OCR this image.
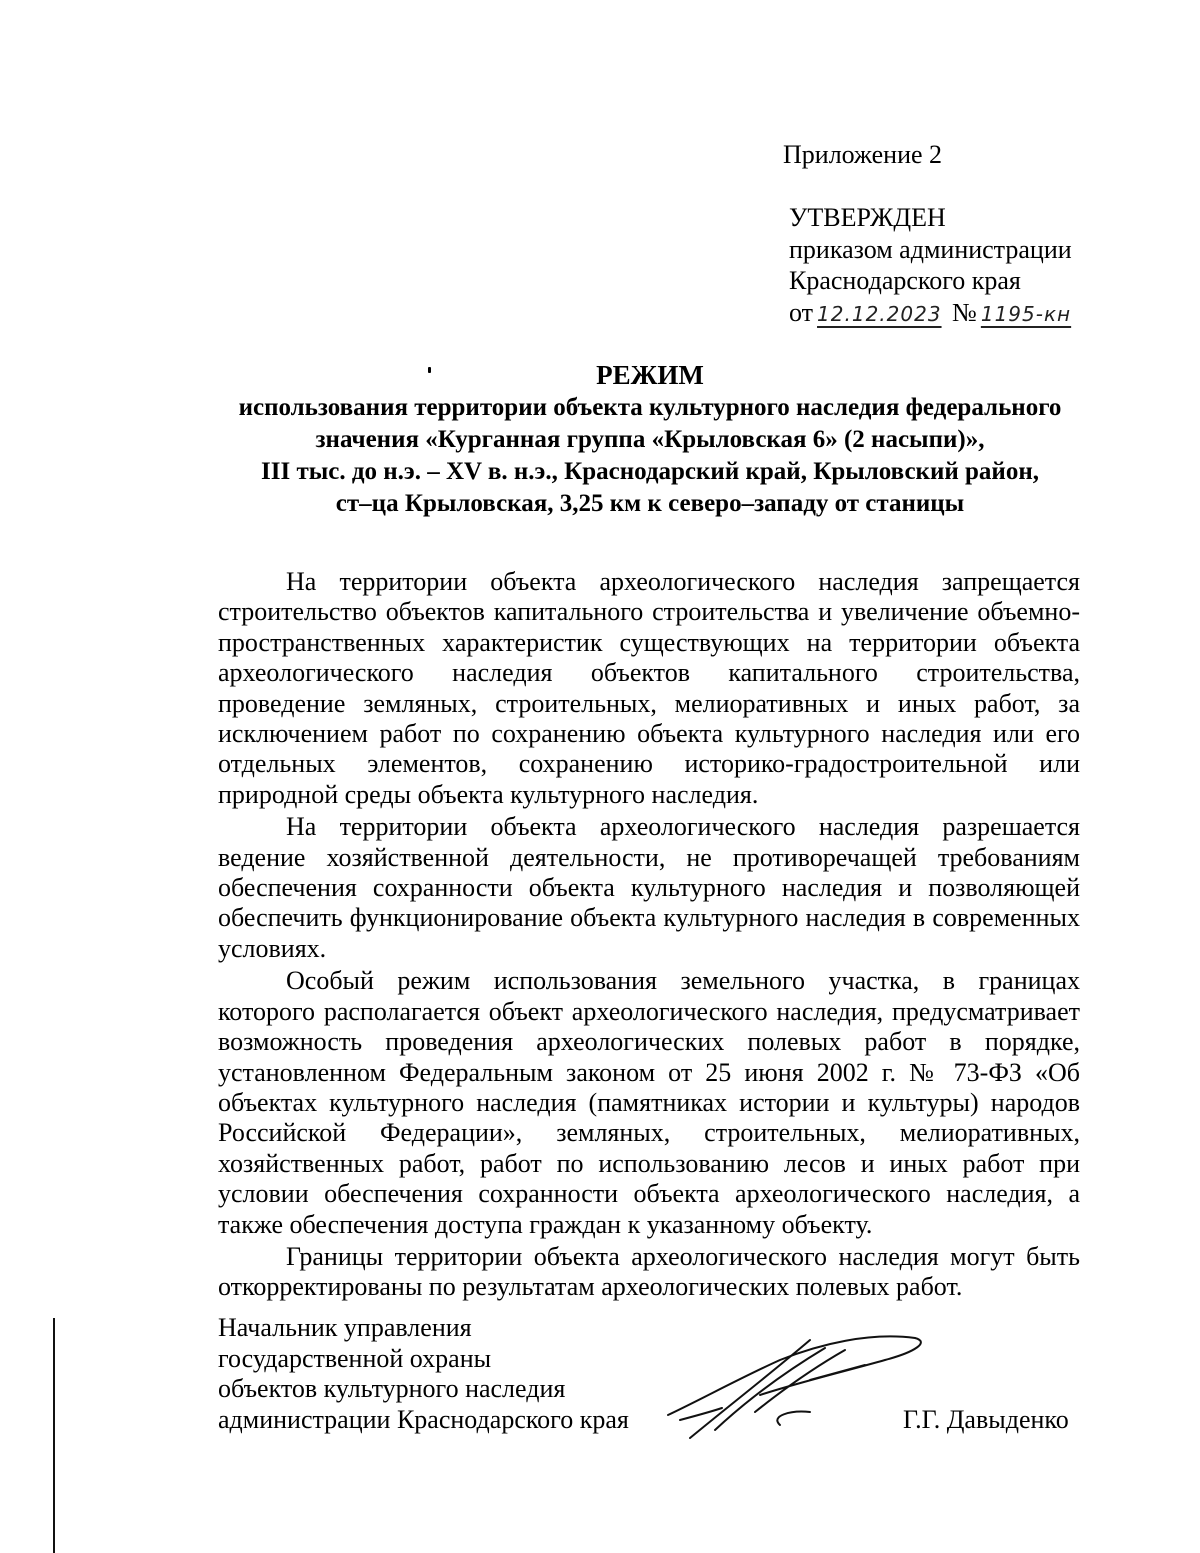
Приложение 2
УТВЕРЖДЕН
приказом администрации
Краснодарского края
от 12.12.2023 № 1195-кн
РЕЖИМ
использования территории объекта культурного наследия федерального
значения «Курганная группа «Крыловская 6» (2 насыпи)»,
III тыс. до н.э. – XV в. н.э., Краснодарский край, Крыловский район,
ст–ца Крыловская, 3,25 км к северо–западу от станицы

На территории объекта археологического наследия запрещается строительство объектов капитального строительства и увеличение объемно-пространственных характеристик существующих на территории объекта археологического наследия объектов капитального строительства, проведение земляных, строительных, мелиоративных и иных работ, за исключением работ по сохранению объекта культурного наследия или его отдельных элементов, сохранению историко-градостроительной или природной среды объекта культурного наследия.

На территории объекта археологического наследия разрешается ведение хозяйственной деятельности, не противоречащей требованиям обеспечения сохранности объекта культурного наследия и позволяющей обеспечить функционирование объекта культурного наследия в современных условиях.

Особый режим использования земельного участка, в границах которого располагается объект археологического наследия, предусматривает возможность проведения археологических полевых работ в порядке, установленном Федеральным законом от 25 июня 2002 г. № 73-ФЗ «Об объектах культурного наследия (памятниках истории и культуры) народов Российской Федерации», земляных, строительных, мелиоративных, хозяйственных работ, работ по использованию лесов и иных работ при условии обеспечения сохранности объекта археологического наследия, а также обеспечения доступа граждан к указанному объекту.

Границы территории объекта археологического наследия могут быть откорректированы по результатам археологических полевых работ.

Начальник управления
государственной охраны
объектов культурного наследия
администрации Краснодарского края	Г.Г. Давыденко
